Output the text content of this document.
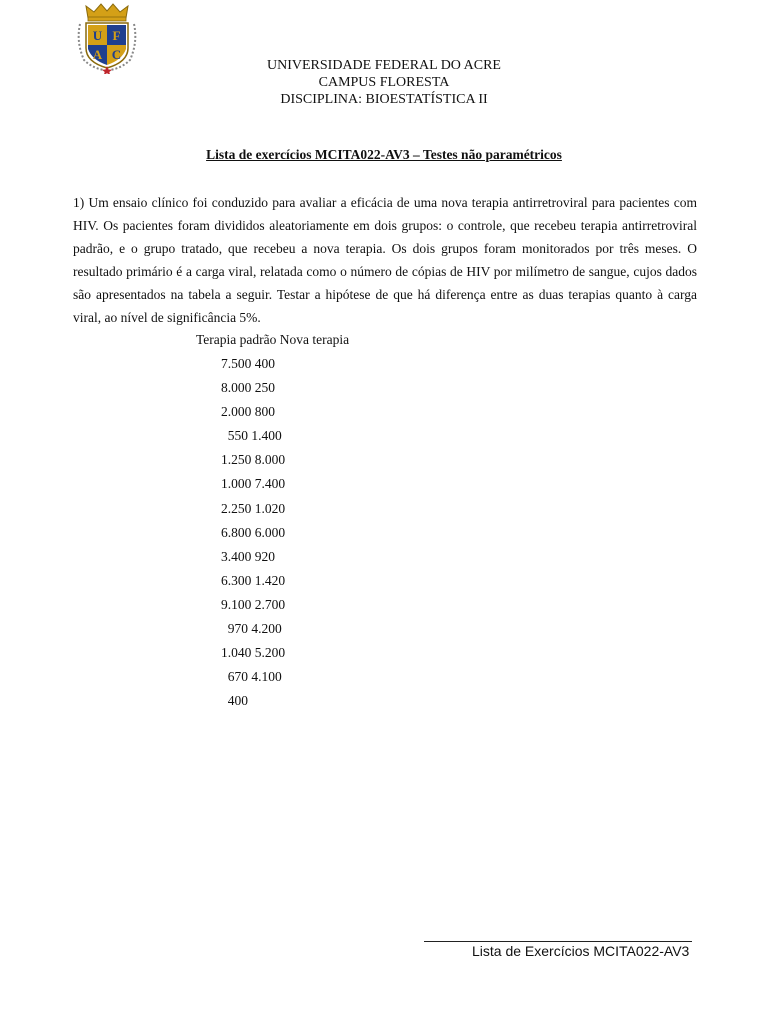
U F
A C
UNIVERSIDADE FEDERAL DO ACRE
CAMPUS FLORESTA
DISCIPLINA: BIOESTATÍSTICA II
Lista de exercícios MCITA022-AV3 – Testes não paramétricos
1) Um ensaio clínico foi conduzido para avaliar a eficácia de uma nova terapia antirretroviral para pacientes com HIV. Os pacientes foram divididos aleatoriamente em dois grupos: o controle, que recebeu terapia antirretroviral padrão, e o grupo tratado, que recebeu a nova terapia. Os dois grupos foram monitorados por três meses. O resultado primário é a carga viral, relatada como o número de cópias de HIV por milímetro de sangue, cujos dados são apresentados na tabela a seguir. Testar a hipótese de que há diferença entre as duas terapias quanto à carga viral, ao nível de significância 5%.
Terapia padrão Nova terapia
7.500 400
8.000 250
2.000 800
550 1.400
1.250 8.000
1.000 7.400
2.250 1.020
6.800 6.000
3.400 920
6.300 1.420
9.100 2.700
970 4.200
1.040 5.200
670 4.100
400
Lista de Exercícios MCITA022-AV3
